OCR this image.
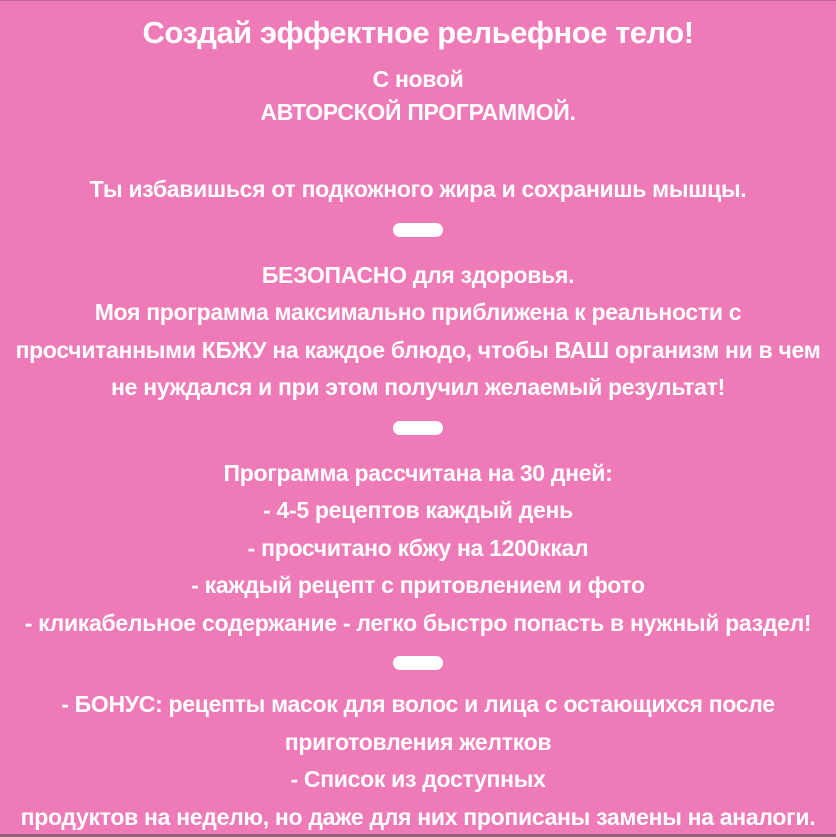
Создай эффектное рельефное тело!
С новой
АВТОРСКОЙ ПРОГРАММОЙ.
Ты избавишься от подкожного жира и сохранишь мышцы.
БЕЗОПАСНО для здоровья.
Моя программа максимально приближена к реальности с
просчитанными КБЖУ на каждое блюдо, чтобы ВАШ организм ни в чем
не нуждался и при этом получил желаемый результат!
Программа рассчитана на 30 дней:
- 4-5 рецептов каждый день
- просчитано кбжу на 1200ккал
- каждый рецепт с притовлением и фото
- кликабельное содержание - легко быстро попасть в нужный раздел!
- БОНУС: рецепты масок для волос и лица с остающихся после
приготовления желтков
- Список из доступных
продуктов на неделю, но даже для них прописаны замены на аналоги.
